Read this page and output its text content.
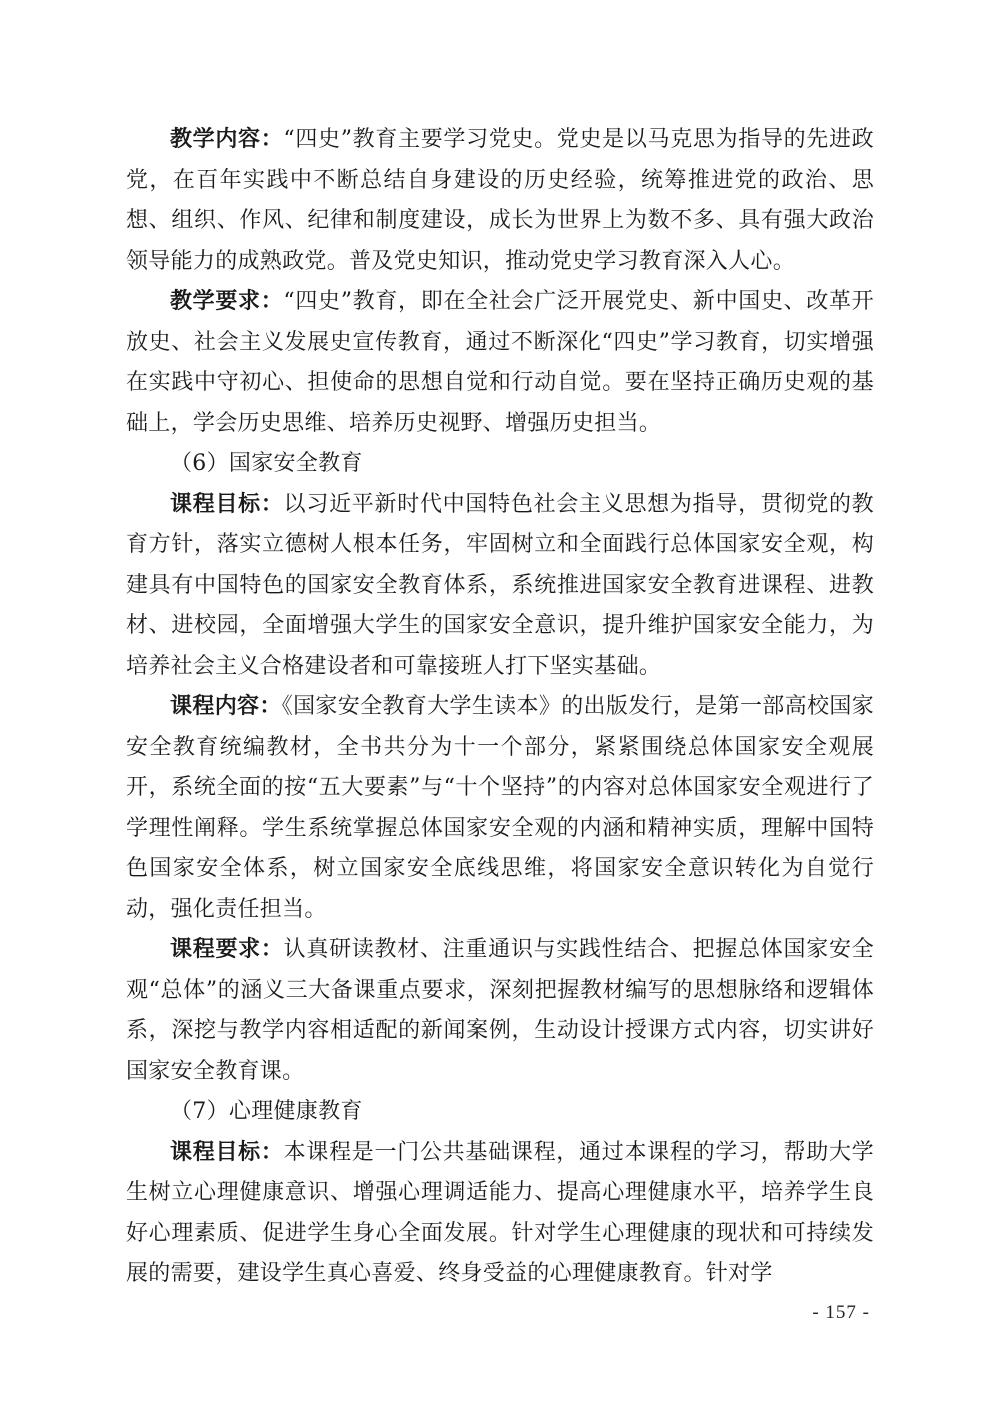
教学内容：“四史”教育主要学习党史。党史是以马克思为指导的先进政党，在百年实践中不断总结自身建设的历史经验，统筹推进党的政治、思想、组织、作风、纪律和制度建设，成长为世界上为数不多、具有强大政治领导能力的成熟政党。普及党史知识，推动党史学习教育深入人心。

教学要求：“四史”教育，即在全社会广泛开展党史、新中国史、改革开放史、社会主义发展史宣传教育，通过不断深化“四史”学习教育，切实增强在实践中守初心、担使命的思想自觉和行动自觉。要在坚持正确历史观的基础上，学会历史思维、培养历史视野、增强历史担当。

（6）国家安全教育

课程目标：以习近平新时代中国特色社会主义思想为指导，贯彻党的教育方针，落实立德树人根本任务，牢固树立和全面践行总体国家安全观，构建具有中国特色的国家安全教育体系，系统推进国家安全教育进课程、进教材、进校园，全面增强大学生的国家安全意识，提升维护国家安全能力，为培养社会主义合格建设者和可靠接班人打下坚实基础。

课程内容：《国家安全教育大学生读本》的出版发行，是第一部高校国家安全教育统编教材，全书共分为十一个部分，紧紧围绕总体国家安全观展开，系统全面的按“五大要素”与“十个坚持”的内容对总体国家安全观进行了学理性阐释。学生系统掌握总体国家安全观的内涵和精神实质，理解中国特色国家安全体系，树立国家安全底线思维，将国家安全意识转化为自觉行动，强化责任担当。

课程要求：认真研读教材、注重通识与实践性结合、把握总体国家安全观“总体”的涵义三大备课重点要求，深刻把握教材编写的思想脉络和逻辑体系，深挖与教学内容相适配的新闻案例，生动设计授课方式内容，切实讲好国家安全教育课。

（7）心理健康教育

课程目标：本课程是一门公共基础课程，通过本课程的学习，帮助大学生树立心理健康意识、增强心理调适能力、提高心理健康水平，培养学生良好心理素质、促进学生身心全面发展。针对学生心理健康的现状和可持续发展的需要，建设学生真心喜爱、终身受益的心理健康教育。针对学

- 157 -
